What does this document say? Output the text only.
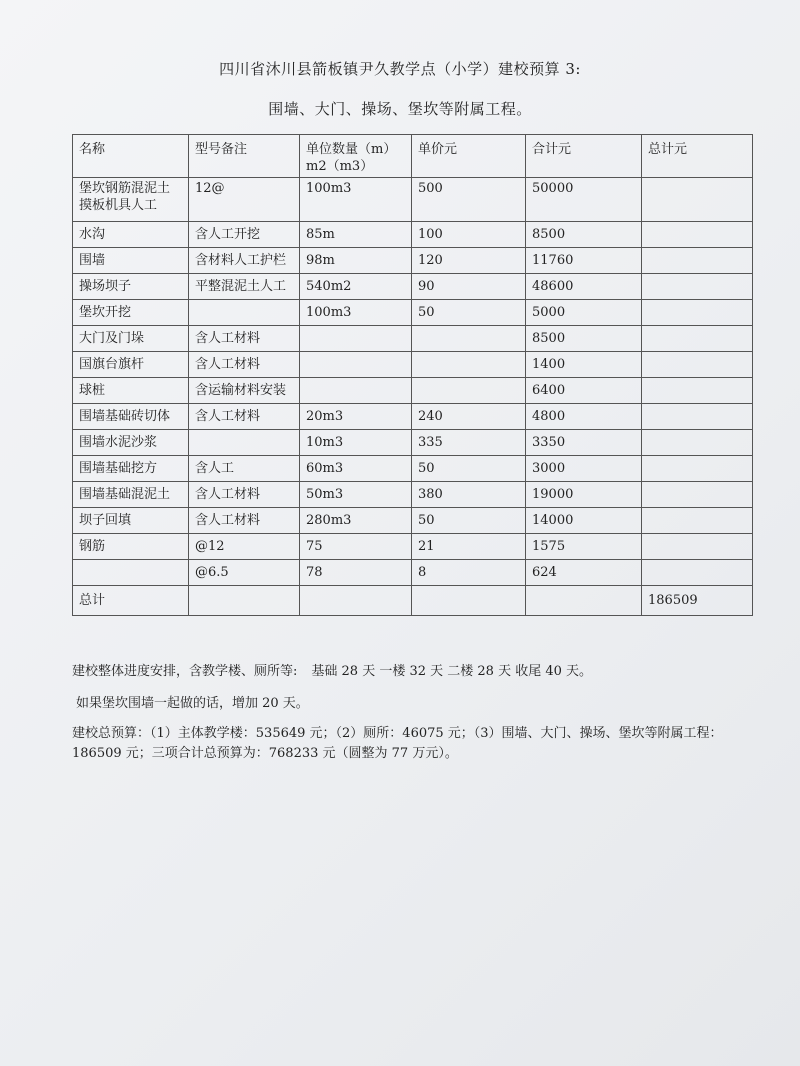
四川省沐川县箭板镇尹久教学点（小学）建校预算 3:
围墙、大门、操场、堡坎等附属工程。
名称	型号备注	单位数量（m）m2（m3）	单价元	合计元	总计元
堡坎钢筋混泥土摸板机具人工	12@	100m3	500	50000	
水沟	含人工开挖	85m	100	8500	
围墙	含材料人工护栏	98m	120	11760	
操场坝子	平整混泥土人工	540m2	90	48600	
堡坎开挖		100m3	50	5000	
大门及门垛	含人工材料			8500	
国旗台旗杆	含人工材料			1400	
球桩	含运输材料安装			6400	
围墙基础砖切体	含人工材料	20m3	240	4800	
围墙水泥沙浆		10m3	335	3350	
围墙基础挖方	含人工	60m3	50	3000	
围墙基础混泥土	含人工材料	50m3	380	19000	
坝子回填	含人工材料	280m3	50	14000	
钢筋	@12	75	21	1575	
	@6.5	78	8	624	
总计					186509
建校整体进度安排，含教学楼、厕所等: 基础 28 天 一楼 32 天 二楼 28 天 收尾 40 天。
如果堡坎围墙一起做的话，增加 20 天。
建校总预算：（1）主体教学楼：535649 元；（2）厕所：46075 元；（3）围墙、大门、操场、堡坎等附属工程：186509 元；三项合计总预算为：768233 元（圆整为 77 万元）。
